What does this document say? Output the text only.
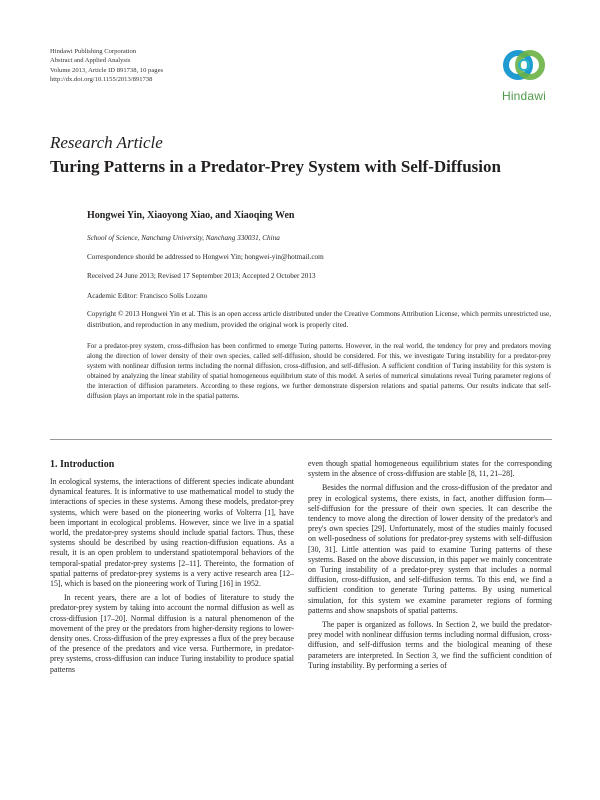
Hindawi Publishing Corporation
Abstract and Applied Analysis
Volume 2013, Article ID 891738, 10 pages
http://dx.doi.org/10.1155/2013/891738
Hindawi
Research Article
Turing Patterns in a Predator-Prey System with Self-Diffusion
Hongwei Yin, Xiaoyong Xiao, and Xiaoqing Wen
School of Science, Nanchang University, Nanchang 330031, China
Correspondence should be addressed to Hongwei Yin; hongwei-yin@hotmail.com
Received 24 June 2013; Revised 17 September 2013; Accepted 2 October 2013
Academic Editor: Francisco Solís Lozano
Copyright © 2013 Hongwei Yin et al. This is an open access article distributed under the Creative Commons Attribution License, which permits unrestricted use, distribution, and reproduction in any medium, provided the original work is properly cited.
For a predator-prey system, cross-diffusion has been confirmed to emerge Turing patterns. However, in the real world, the tendency for prey and predators moving along the direction of lower density of their own species, called self-diffusion, should be considered. For this, we investigate Turing instability for a predator-prey system with nonlinear diffusion terms including the normal diffusion, cross-diffusion, and self-diffusion. A sufficient condition of Turing instability for this system is obtained by analyzing the linear stability of spatial homogeneous equilibrium state of this model. A series of numerical simulations reveal Turing parameter regions of the interaction of diffusion parameters. According to these regions, we further demonstrate dispersion relations and spatial patterns. Our results indicate that self-diffusion plays an important role in the spatial patterns.
1. Introduction

In ecological systems, the interactions of different species indicate abundant dynamical features. It is informative to use mathematical model to study the interactions of species in these systems. Among these models, predator-prey systems, which were based on the pioneering works of Volterra [1], have been important in ecological problems. However, since we live in a spatial world, the predator-prey systems should include spatial factors. Thus, these systems should be described by using reaction-diffusion equations. As a result, it is an open problem to understand spatiotemporal behaviors of the temporal-spatial predator-prey systems [2–11]. Thereinto, the formation of spatial patterns of predator-prey systems is a very active research area [12–15], which is based on the pioneering work of Turing [16] in 1952.

In recent years, there are a lot of bodies of literature to study the predator-prey system by taking into account the normal diffusion as well as cross-diffusion [17–20]. Normal diffusion is a natural phenomenon of the movement of the prey or the predators from higher-density regions to lower-density ones. Cross-diffusion of the prey expresses a flux of the prey because of the presence of the predators and vice versa. Furthermore, in predator-prey systems, cross-diffusion can induce Turing instability to produce spatial patterns

even though spatial homogeneous equilibrium states for the corresponding system in the absence of cross-diffusion are stable [8, 11, 21–28].

Besides the normal diffusion and the cross-diffusion of the predator and prey in ecological systems, there exists, in fact, another diffusion form—self-diffusion for the pressure of their own species. It can describe the tendency to move along the direction of lower density of the predator's and prey's own species [29]. Unfortunately, most of the studies mainly focused on well-posedness of solutions for predator-prey systems with self-diffusion [30, 31]. Little attention was paid to examine Turing patterns of these systems. Based on the above discussion, in this paper we mainly concentrate on Turing instability of a predator-prey system that includes a normal diffusion, cross-diffusion, and self-diffusion terms. To this end, we find a sufficient condition to generate Turing patterns. By using numerical simulation, for this system we examine parameter regions of forming patterns and show snapshots of spatial patterns.

The paper is organized as follows. In Section 2, we build the predator-prey model with nonlinear diffusion terms including normal diffusion, cross-diffusion, and self-diffusion terms and the biological meaning of these parameters are interpreted. In Section 3, we find the sufficient condition of Turing instability. By performing a series of
